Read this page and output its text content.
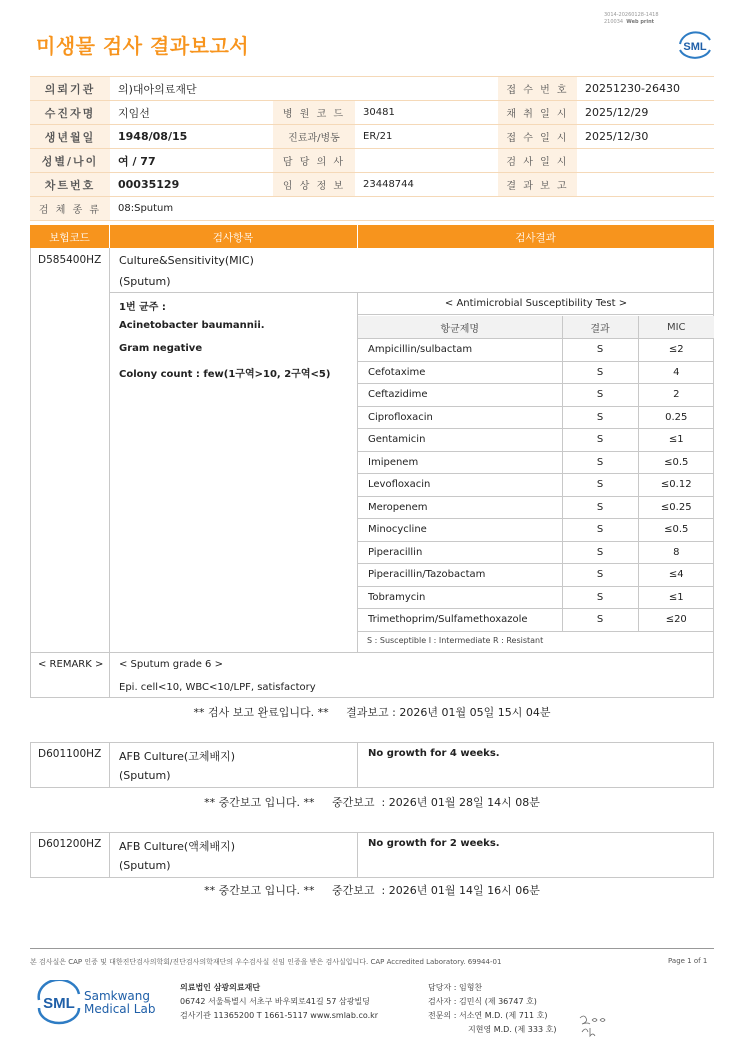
3014-20260128-1418
210034 Web print
미생물 검사 결과보고서	SML
의뢰기관	의)대아의료재단			접 수 번 호	20251230-26430
수진자명	지임선	병 원 코 드	30481	채 취 일 시	2025/12/29
생년월일	1948/08/15	진료과/병동	ER/21	접 수 일 시	2025/12/30
성별/나이	여 / 77	담 당 의 사		검 사 일 시	
차트번호	00035129	임 상 정 보	23448744	결 과 보 고	
검 체 종 류	08:Sputum				
보험코드	검사항목	검사결과
D585400HZ Culture&Sensitivity(MIC)
(Sputum)
1번 균주 :
Acinetobacter baumannii.
Gram negative
Colony count : few(1구역>10, 2구역<5)
< Antimicrobial Susceptibility Test >
항균제명	결과	MIC
Ampicillin/sulbactam	S	≤2
Cefotaxime	S	4
Ceftazidime	S	2
Ciprofloxacin	S	0.25
Gentamicin	S	≤1
Imipenem	S	≤0.5
Levofloxacin	S	≤0.12
Meropenem	S	≤0.25
Minocycline	S	≤0.5
Piperacillin	S	8
Piperacillin/Tazobactam	S	≤4
Tobramycin	S	≤1
Trimethoprim/Sulfamethoxazole	S	≤20
S : Susceptible I : Intermediate R : Resistant
< REMARK > < Sputum grade 6 >
Epi. cell<10, WBC<10/LPF, satisfactory
** 검사 보고 완료입니다. **     결과보고 : 2026년 01월 05일 15시 04분
D601100HZ AFB Culture(고체배지)
(Sputum)
No growth for 4 weeks.
** 중간보고 입니다. **     중간보고  : 2026년 01월 28일 14시 08분
D601200HZ AFB Culture(액체배지)
(Sputum)
No growth for 2 weeks.
** 중간보고 입니다. **     중간보고  : 2026년 01월 14일 16시 06분
본 검사실은 CAP 인증 및 대한진단검사의학회/진단검사의학재단의 우수검사실 신임 인증을 받은 검사실입니다. CAP Accredited Laboratory. 69944-01	Page 1 of 1
SML Samkwang
Medical Lab
의료법인 삼광의료재단
06742 서울특별시 서초구 바우뫼로41길 57 삼광빌딩
검사기관 11365200 T 1661-5117 www.smlab.co.kr
담당자 : 임형찬
검사자 : 김민식 (제 36747 호)
전문의 : 서소연 M.D. (제 711 호)
지현영 M.D. (제 333 호)
